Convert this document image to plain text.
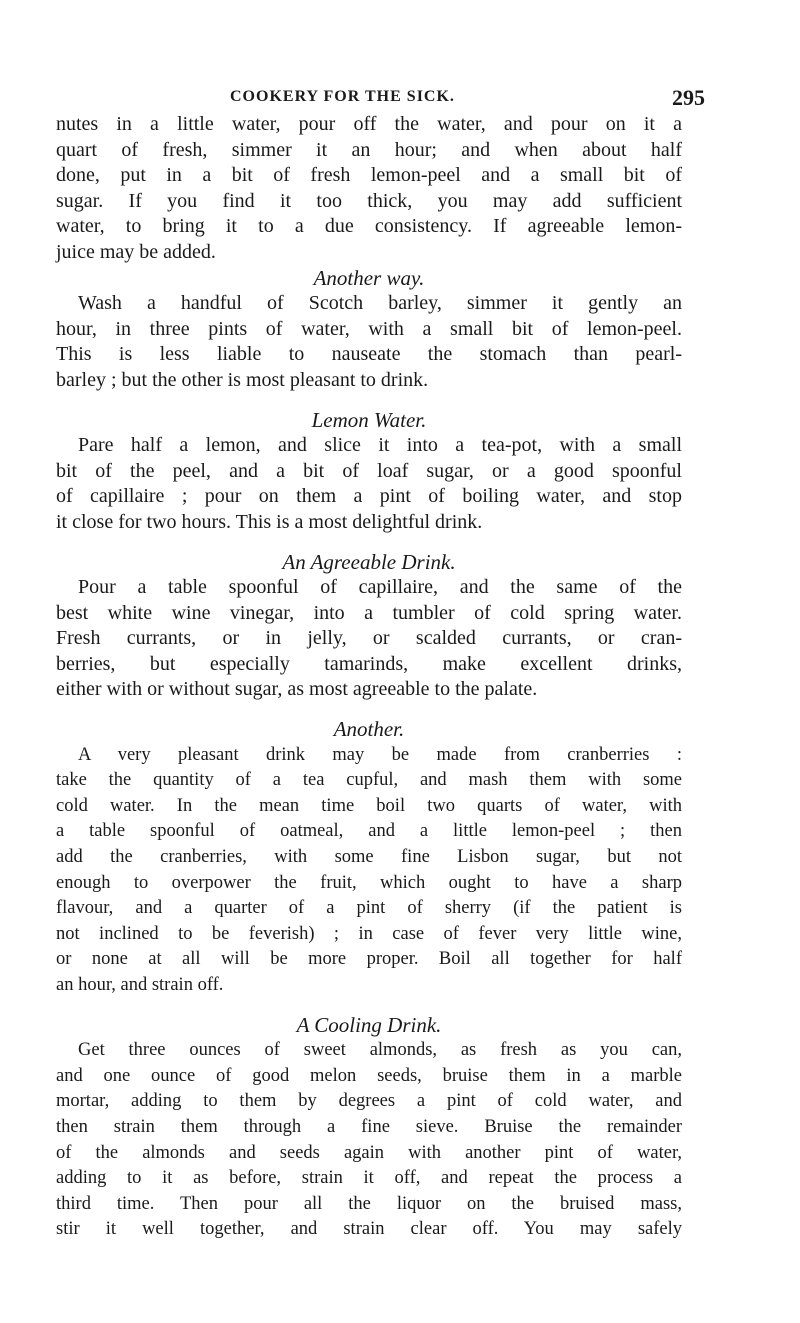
COOKERY FOR THE SICK.	295
nutes in a little water, pour off the water, and pour on it a
quart of fresh, simmer it an hour; and when about half
done, put in a bit of fresh lemon-peel and a small bit of
sugar. If you find it too thick, you may add sufficient
water, to bring it to a due consistency. If agreeable lemon-
juice may be added.
Another way.
Wash a handful of Scotch barley, simmer it gently an
hour, in three pints of water, with a small bit of lemon-peel.
This is less liable to nauseate the stomach than pearl-
barley ; but the other is most pleasant to drink.
Lemon Water.
Pare half a lemon, and slice it into a tea-pot, with a small
bit of the peel, and a bit of loaf sugar, or a good spoonful
of capillaire ; pour on them a pint of boiling water, and stop
it close for two hours. This is a most delightful drink.
An Agreeable Drink.
Pour a table spoonful of capillaire, and the same of the
best white wine vinegar, into a tumbler of cold spring water.
Fresh currants, or in jelly, or scalded currants, or cran-
berries, but especially tamarinds, make excellent drinks,
either with or without sugar, as most agreeable to the palate.
Another.
A very pleasant drink may be made from cranberries :
take the quantity of a tea cupful, and mash them with some
cold water. In the mean time boil two quarts of water, with
a table spoonful of oatmeal, and a little lemon-peel ; then
add the cranberries, with some fine Lisbon sugar, but not
enough to overpower the fruit, which ought to have a sharp
flavour, and a quarter of a pint of sherry (if the patient is
not inclined to be feverish) ; in case of fever very little wine,
or none at all will be more proper. Boil all together for half
an hour, and strain off.
A Cooling Drink.
Get three ounces of sweet almonds, as fresh as you can,
and one ounce of good melon seeds, bruise them in a marble
mortar, adding to them by degrees a pint of cold water, and
then strain them through a fine sieve. Bruise the remainder
of the almonds and seeds again with another pint of water,
adding to it as before, strain it off, and repeat the process a
third time. Then pour all the liquor on the bruised mass,
stir it well together, and strain clear off. You may safely
